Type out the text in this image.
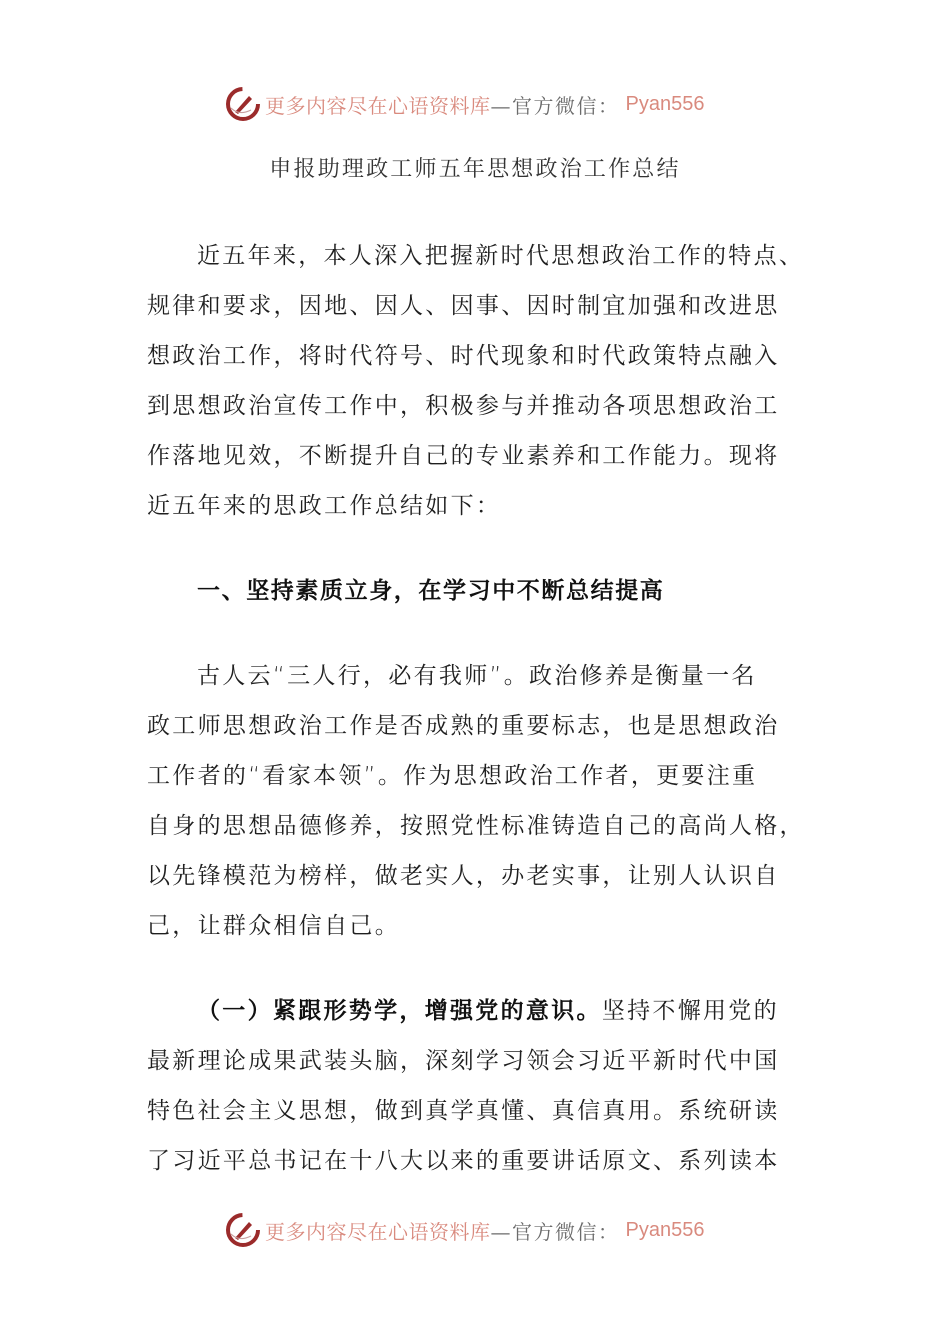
更多内容尽在心语资料库 —官方微信： Pyan556
申报助理政工师五年思想政治工作总结
近五年来，本人深入把握新时代思想政治工作的特点、
规律和要求，因地、因人、因事、因时制宜加强和改进思
想政治工作，将时代符号、时代现象和时代政策特点融入
到思想政治宣传工作中，积极参与并推动各项思想政治工
作落地见效，不断提升自己的专业素养和工作能力。现将
近五年来的思政工作总结如下：
一、坚持素质立身，在学习中不断总结提高
古人云“三人行，必有我师”。政治修养是衡量一名
政工师思想政治工作是否成熟的重要标志，也是思想政治
工作者的“看家本领”。作为思想政治工作者，更要注重
自身的思想品德修养，按照党性标准铸造自己的高尚人格，
以先锋模范为榜样，做老实人，办老实事，让别人认识自
己，让群众相信自己。
（一）紧跟形势学，增强党的意识。坚持不懈用党的
最新理论成果武装头脑，深刻学习领会习近平新时代中国
特色社会主义思想，做到真学真懂、真信真用。系统研读
了习近平总书记在十八大以来的重要讲话原文、系列读本
更多内容尽在心语资料库 —官方微信： Pyan556
